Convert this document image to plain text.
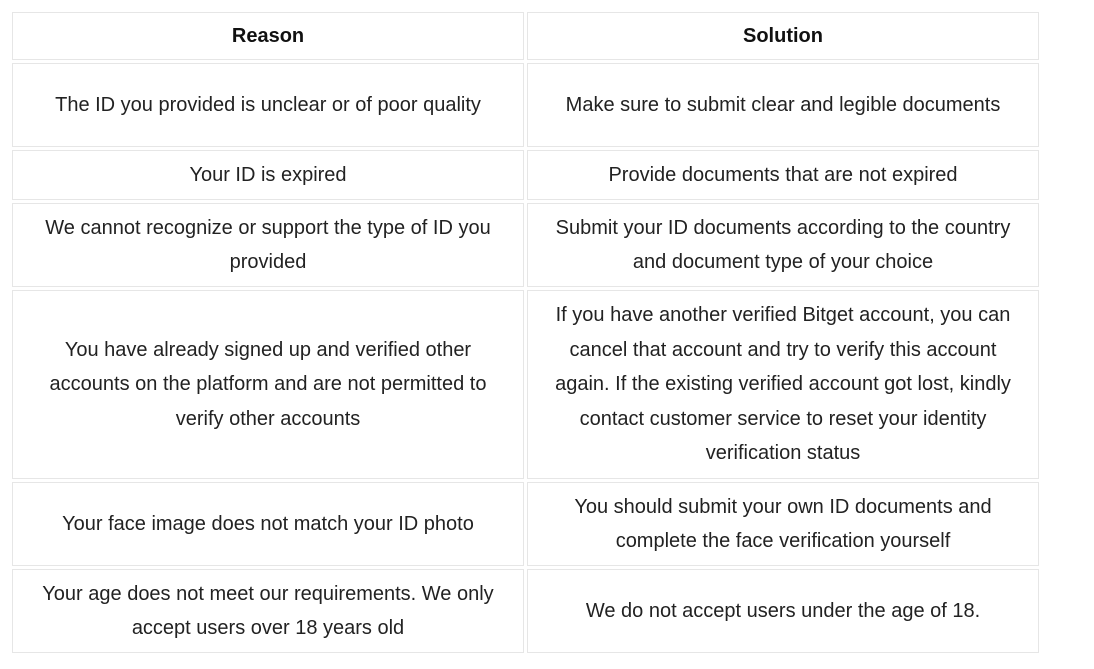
Reason	Solution
The ID you provided is unclear or of poor quality	Make sure to submit clear and legible documents
Your ID is expired	Provide documents that are not expired
We cannot recognize or support the type of ID you provided	Submit your ID documents according to the country and document type of your choice
You have already signed up and verified other accounts on the platform and are not permitted to verify other accounts	If you have another verified Bitget account, you can cancel that account and try to verify this account again. If the existing verified account got lost, kindly contact customer service to reset your identity verification status
Your face image does not match your ID photo	You should submit your own ID documents and complete the face verification yourself
Your age does not meet our requirements. We only accept users over 18 years old	We do not accept users under the age of 18.
